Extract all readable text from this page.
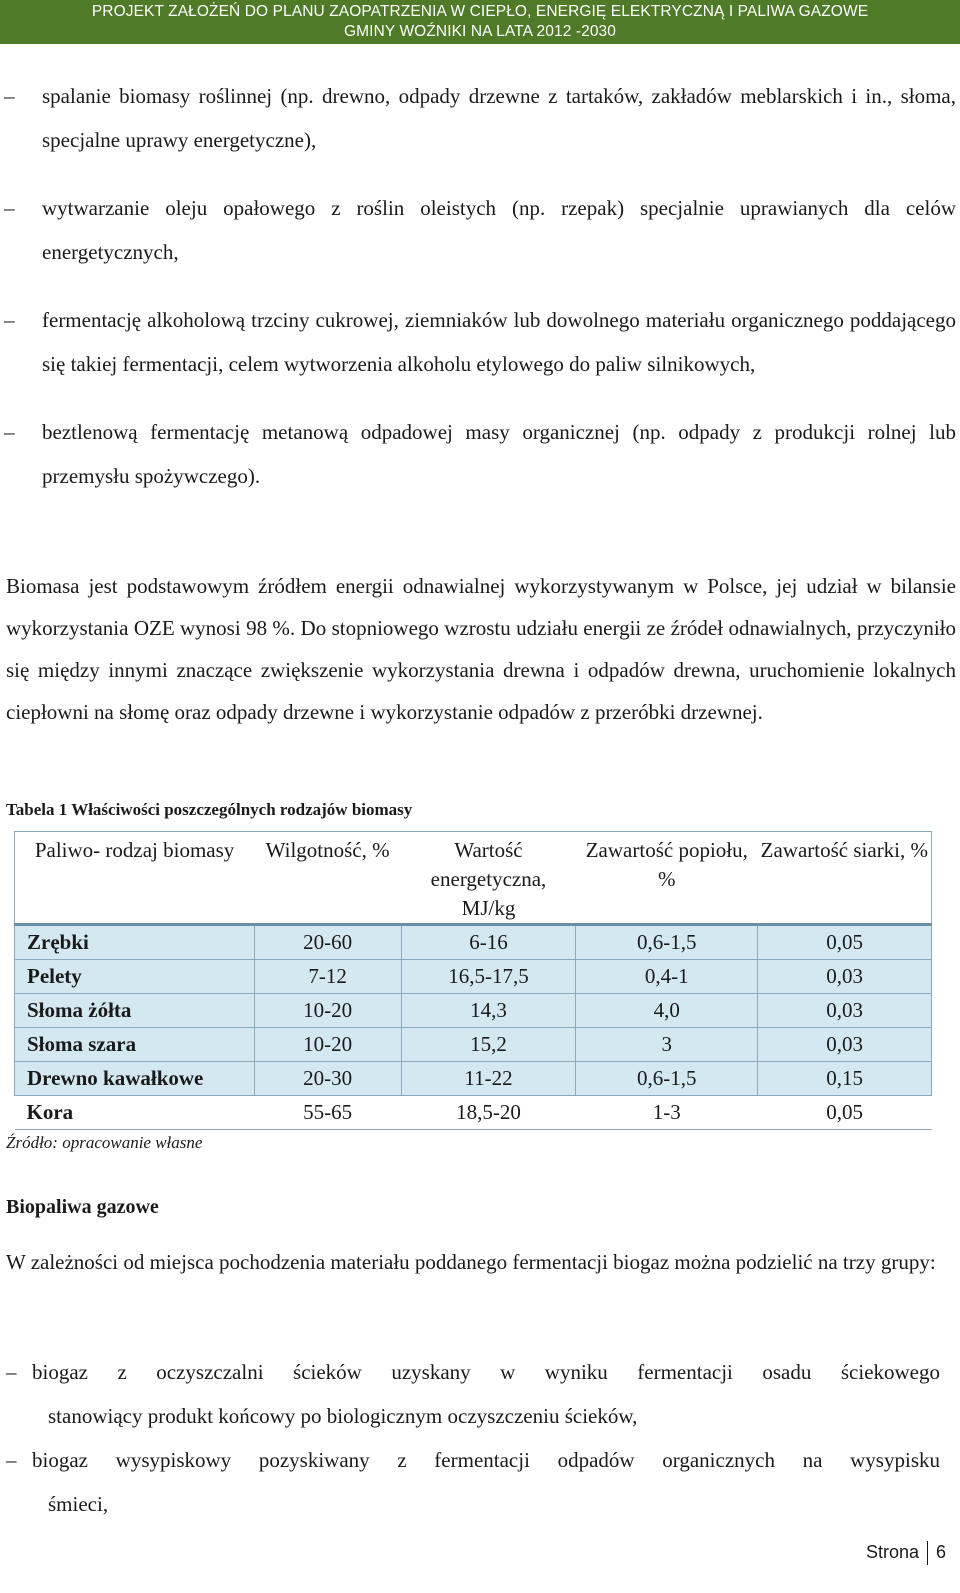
PROJEKT ZAŁOŻEŃ DO PLANU ZAOPATRZENIA W CIEPŁO, ENERGIĘ ELEKTRYCZNĄ I PALIWA GAZOWE
GMINY WOŹNIKI NA LATA 2012 -2030
– spalanie biomasy roślinnej (np. drewno, odpady drzewne z tartaków, zakładów meblarskich i in., słoma, specjalne uprawy energetyczne),
– wytwarzanie oleju opałowego z roślin oleistych (np. rzepak) specjalnie uprawianych dla celów energetycznych,
– fermentację alkoholową trzciny cukrowej, ziemniaków lub dowolnego materiału organicznego poddającego się takiej fermentacji, celem wytworzenia alkoholu etylowego do paliw silnikowych,
– beztlenową fermentację metanową odpadowej masy organicznej (np. odpady z produkcji rolnej lub przemysłu spożywczego).
Biomasa jest podstawowym źródłem energii odnawialnej wykorzystywanym w Polsce, jej udział w bilansie wykorzystania OZE wynosi 98 %. Do stopniowego wzrostu udziału energii ze źródeł odnawialnych, przyczyniło się między innymi znaczące zwiększenie wykorzystania drewna i odpadów drewna, uruchomienie lokalnych ciepłowni na słomę oraz odpady drzewne i wykorzystanie odpadów z przeróbki drzewnej.
Tabela 1 Właściwości poszczególnych rodzajów biomasy
Paliwo- rodzaj biomasy	Wilgotność, %	Wartość energetyczna, MJ/kg	Zawartość popiołu, %	Zawartość siarki, %
Zrębki	20-60	6-16	0,6-1,5	0,05
Pelety	7-12	16,5-17,5	0,4-1	0,03
Słoma żółta	10-20	14,3	4,0	0,03
Słoma szara	10-20	15,2	3	0,03
Drewno kawałkowe	20-30	11-22	0,6-1,5	0,15
Kora	55-65	18,5-20	1-3	0,05
Źródło: opracowanie własne
Biopaliwa gazowe
W zależności od miejsca pochodzenia materiału poddanego fermentacji biogaz można podzielić na trzy grupy:
– biogaz z oczyszczalni ścieków uzyskany w wyniku fermentacji osadu ściekowego
stanowiący produkt końcowy po biologicznym oczyszczeniu ścieków,
– biogaz wysypiskowy pozyskiwany z fermentacji odpadów organicznych na wysypisku
śmieci,
Strona 6
